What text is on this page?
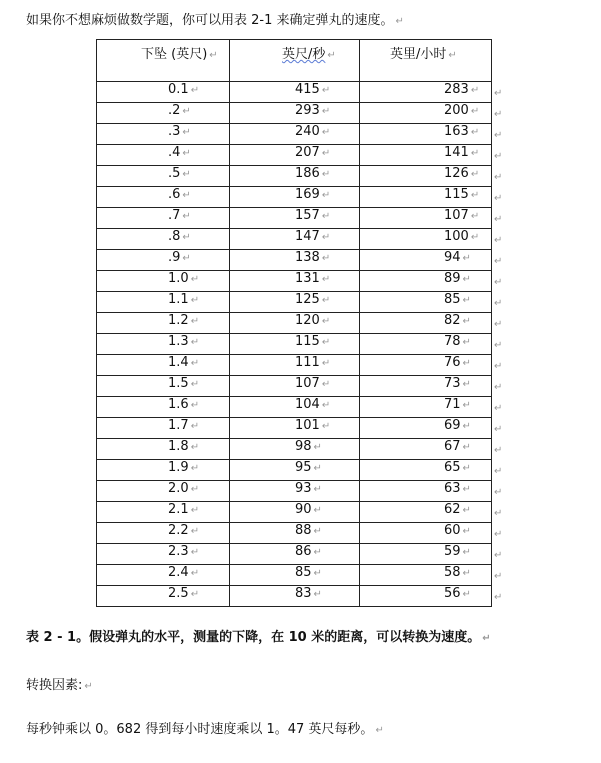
如果你不想麻烦做数学题，你可以用表 2-1 来确定弹丸的速度。 ↵
下坠 (英尺) ↵	英尺/秒 ↵	英里/小时 ↵

0.1 ↵	415 ↵	283 ↵

.2 ↵	293 ↵	200 ↵

.3 ↵	240 ↵	163 ↵

.4 ↵	207 ↵	141 ↵

.5 ↵	186 ↵	126 ↵

.6 ↵	169 ↵	115 ↵

.7 ↵	157 ↵	107 ↵

.8 ↵	147 ↵	100 ↵

.9 ↵	138 ↵	94 ↵

1.0 ↵	131 ↵	89 ↵

1.1 ↵	125 ↵	85 ↵

1.2 ↵	120 ↵	82 ↵

1.3 ↵	115 ↵	78 ↵

1.4 ↵	111 ↵	76 ↵

1.5 ↵	107 ↵	73 ↵

1.6 ↵	104 ↵	71 ↵

1.7 ↵	101 ↵	69 ↵

1.8 ↵	98 ↵	67 ↵

1.9 ↵	95 ↵	65 ↵

2.0 ↵	93 ↵	63 ↵

2.1 ↵	90 ↵	62 ↵

2.2 ↵	88 ↵	60 ↵

2.3 ↵	86 ↵	59 ↵

2.4 ↵	85 ↵	58 ↵

2.5 ↵	83 ↵	56 ↵
↵
↵
↵
↵
↵
↵
↵
↵
↵
↵
↵
↵
↵
↵
↵
↵
↵
↵
↵
↵
↵
↵
↵
↵
↵
表 2 - 1。假设弹丸的水平，测量的下降，在 10 米的距离，可以转换为速度。 ↵
转换因素: ↵
每秒钟乘以 0。682 得到每小时速度乘以 1。47 英尺每秒。 ↵
